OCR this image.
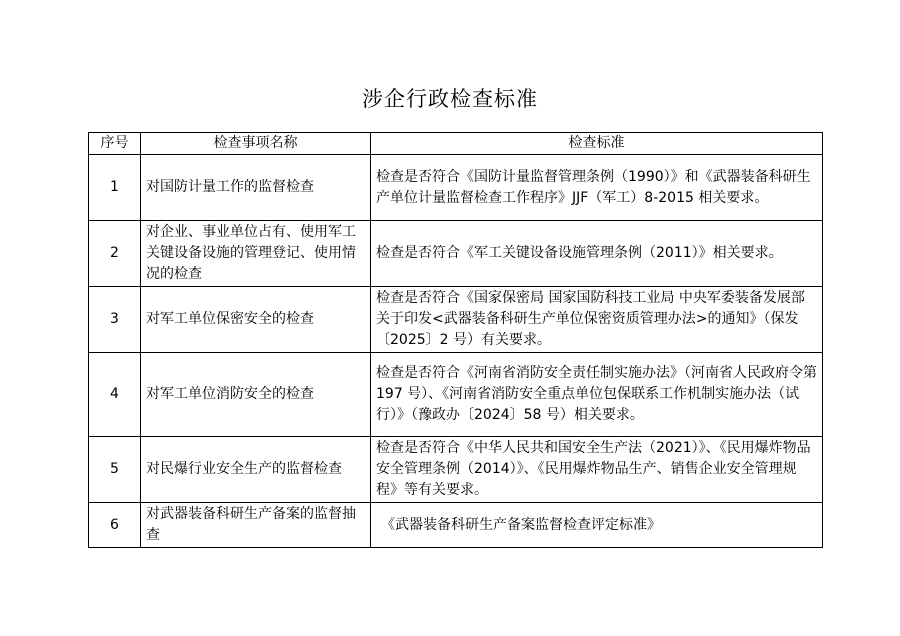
涉企行政检查标准
序号	检查事项名称	检查标准
1	对国防计量工作的监督检查	检查是否符合《国防计量监督管理条例（1990）》和《武器装备科研生产单位计量监督检查工作程序》JJF（军工）8-2015 相关要求。
2	对企业、事业单位占有、使用军工关键设备设施的管理登记、使用情况的检查	检查是否符合《军工关键设备设施管理条例（2011）》相关要求。
3	对军工单位保密安全的检查	检查是否符合《国家保密局 国家国防科技工业局 中央军委装备发展部关于印发<武器装备科研生产单位保密资质管理办法>的通知》（保发〔2025〕2 号）有关要求。
4	对军工单位消防安全的检查	检查是否符合《河南省消防安全责任制实施办法》（河南省人民政府令第 197 号）、《河南省消防安全重点单位包保联系工作机制实施办法（试行）》（豫政办〔2024〕58 号）相关要求。
5	对民爆行业安全生产的监督检查	检查是否符合《中华人民共和国安全生产法（2021）》、《民用爆炸物品安全管理条例（2014）》、《民用爆炸物品生产、销售企业安全管理规程》等有关要求。
6	对武器装备科研生产备案的监督抽查	《武器装备科研生产备案监督检查评定标准》
